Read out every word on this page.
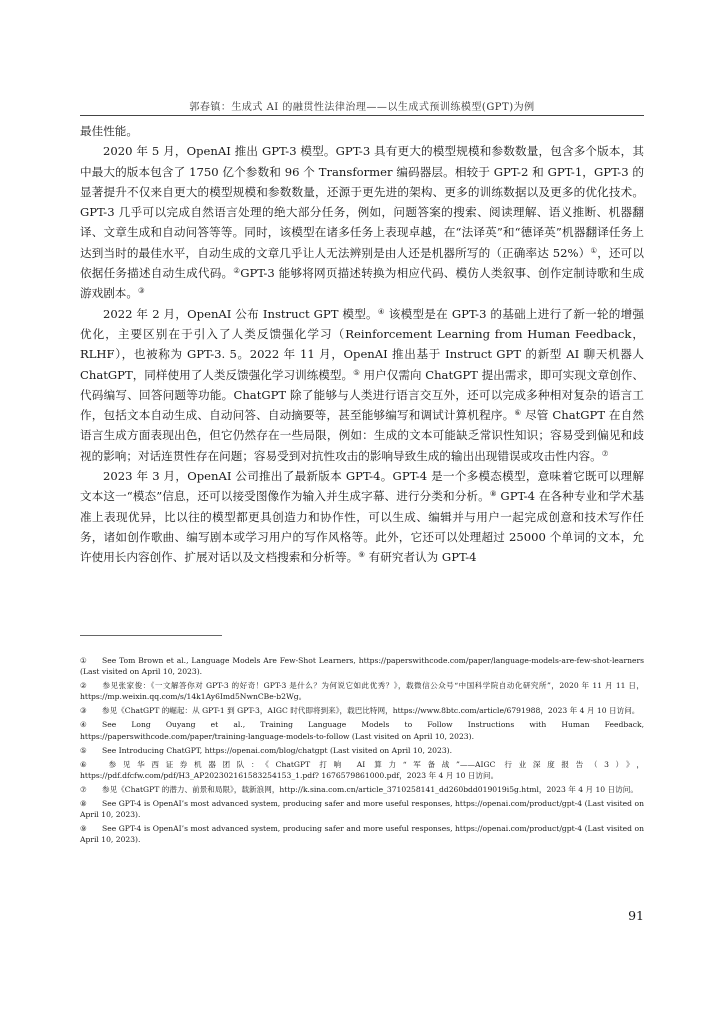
郭春镇：生成式 AI 的融贯性法律治理——以生成式预训练模型(GPT)为例

最佳性能。

2020 年 5 月，OpenAI 推出 GPT-3 模型。GPT-3 具有更大的模型规模和参数数量，包含多个版本，其中最大的版本包含了 1750 亿个参数和 96 个 Transformer 编码器层。相较于 GPT-2 和 GPT-1，GPT-3 的显著提升不仅来自更大的模型规模和参数数量，还源于更先进的架构、更多的训练数据以及更多的优化技术。GPT-3 几乎可以完成自然语言处理的绝大部分任务，例如，问题答案的搜索、阅读理解、语义推断、机器翻译、文章生成和自动问答等等。同时，该模型在诸多任务上表现卓越，在“法译英”和“德译英”机器翻译任务上达到当时的最佳水平，自动生成的文章几乎让人无法辨别是由人还是机器所写的（正确率达 52%）①，还可以依据任务描述自动生成代码。②GPT-3 能够将网页描述转换为相应代码、模仿人类叙事、创作定制诗歌和生成游戏剧本。③

2022 年 2 月，OpenAI 公布 Instruct GPT 模型。④ 该模型是在 GPT-3 的基础上进行了新一轮的增强优化，主要区别在于引入了人类反馈强化学习（Reinforcement Learning from Human Feedback，RLHF），也被称为 GPT-3. 5。2022 年 11 月，OpenAI 推出基于 Instruct GPT 的新型 AI 聊天机器人 ChatGPT，同样使用了人类反馈强化学习训练模型。⑤ 用户仅需向 ChatGPT 提出需求，即可实现文章创作、代码编写、回答问题等功能。ChatGPT 除了能够与人类进行语言交互外，还可以完成多种相对复杂的语言工作，包括文本自动生成、自动问答、自动摘要等，甚至能够编写和调试计算机程序。⑥ 尽管 ChatGPT 在自然语言生成方面表现出色，但它仍然存在一些局限，例如：生成的文本可能缺乏常识性知识；容易受到偏见和歧视的影响；对话连贯性存在问题；容易受到对抗性攻击的影响导致生成的输出出现错误或攻击性内容。⑦

2023 年 3 月，OpenAI 公司推出了最新版本 GPT-4。GPT-4 是一个多模态模型，意味着它既可以理解文本这一“模态”信息，还可以接受图像作为输入并生成字幕、进行分类和分析。⑧ GPT-4 在各种专业和学术基准上表现优异，比以往的模型都更具创造力和协作性，可以生成、编辑并与用户一起完成创意和技术写作任务，诸如创作歌曲、编写剧本或学习用户的写作风格等。此外，它还可以处理超过 25000 个单词的文本，允许使用长内容创作、扩展对话以及文档搜索和分析等。⑨ 有研究者认为 GPT-4

① See Tom Brown et al., Language Models Are Few-Shot Learners, https://paperswithcode.com/paper/language-models-are-few-shot-learners (Last visited on April 10, 2023).

② 参见张家俊：《一文解答你对 GPT-3 的好奇！GPT-3 是什么？为何说它如此优秀？》，载微信公众号“中国科学院自动化研究所”，2020 年 11 月 11 日，https://mp.weixin.qq.com/s/14k1Ay6Imd5NwnCBe-b2Wg。

③ 参见《ChatGPT 的崛起：从 GPT-1 到 GPT-3，AIGC 时代即将到来》，载巴比特网，https://www.8btc.com/article/6791988，2023 年 4 月 10 日访问。

④ See Long Ouyang et al., Training Language Models to Follow Instructions with Human Feedback, https://paperswithcode.com/paper/training-language-models-to-follow (Last visited on April 10, 2023).

⑤ See Introducing ChatGPT, https://openai.com/blog/chatgpt (Last visited on April 10, 2023).

⑥ 参见华西证券机器团队：《ChatGPT 打响 AI 算力“军备战”——AIGC 行业深度报告（3）》，https://pdf.dfcfw.com/pdf/H3_AP202302161583254153_1.pdf? 1676579861000.pdf，2023 年 4 月 10 日访问。

⑦ 参见《ChatGPT 的潜力、前景和局限》，载新浪网，http://k.sina.com.cn/article_3710258141_dd260bdd019019i5g.html，2023 年 4 月 10 日访问。

⑧ See GPT-4 is OpenAI’s most advanced system, producing safer and more useful responses, https://openai.com/product/gpt-4 (Last visited on April 10, 2023).

⑨ See GPT-4 is OpenAI’s most advanced system, producing safer and more useful responses, https://openai.com/product/gpt-4 (Last visited on April 10, 2023).

91
